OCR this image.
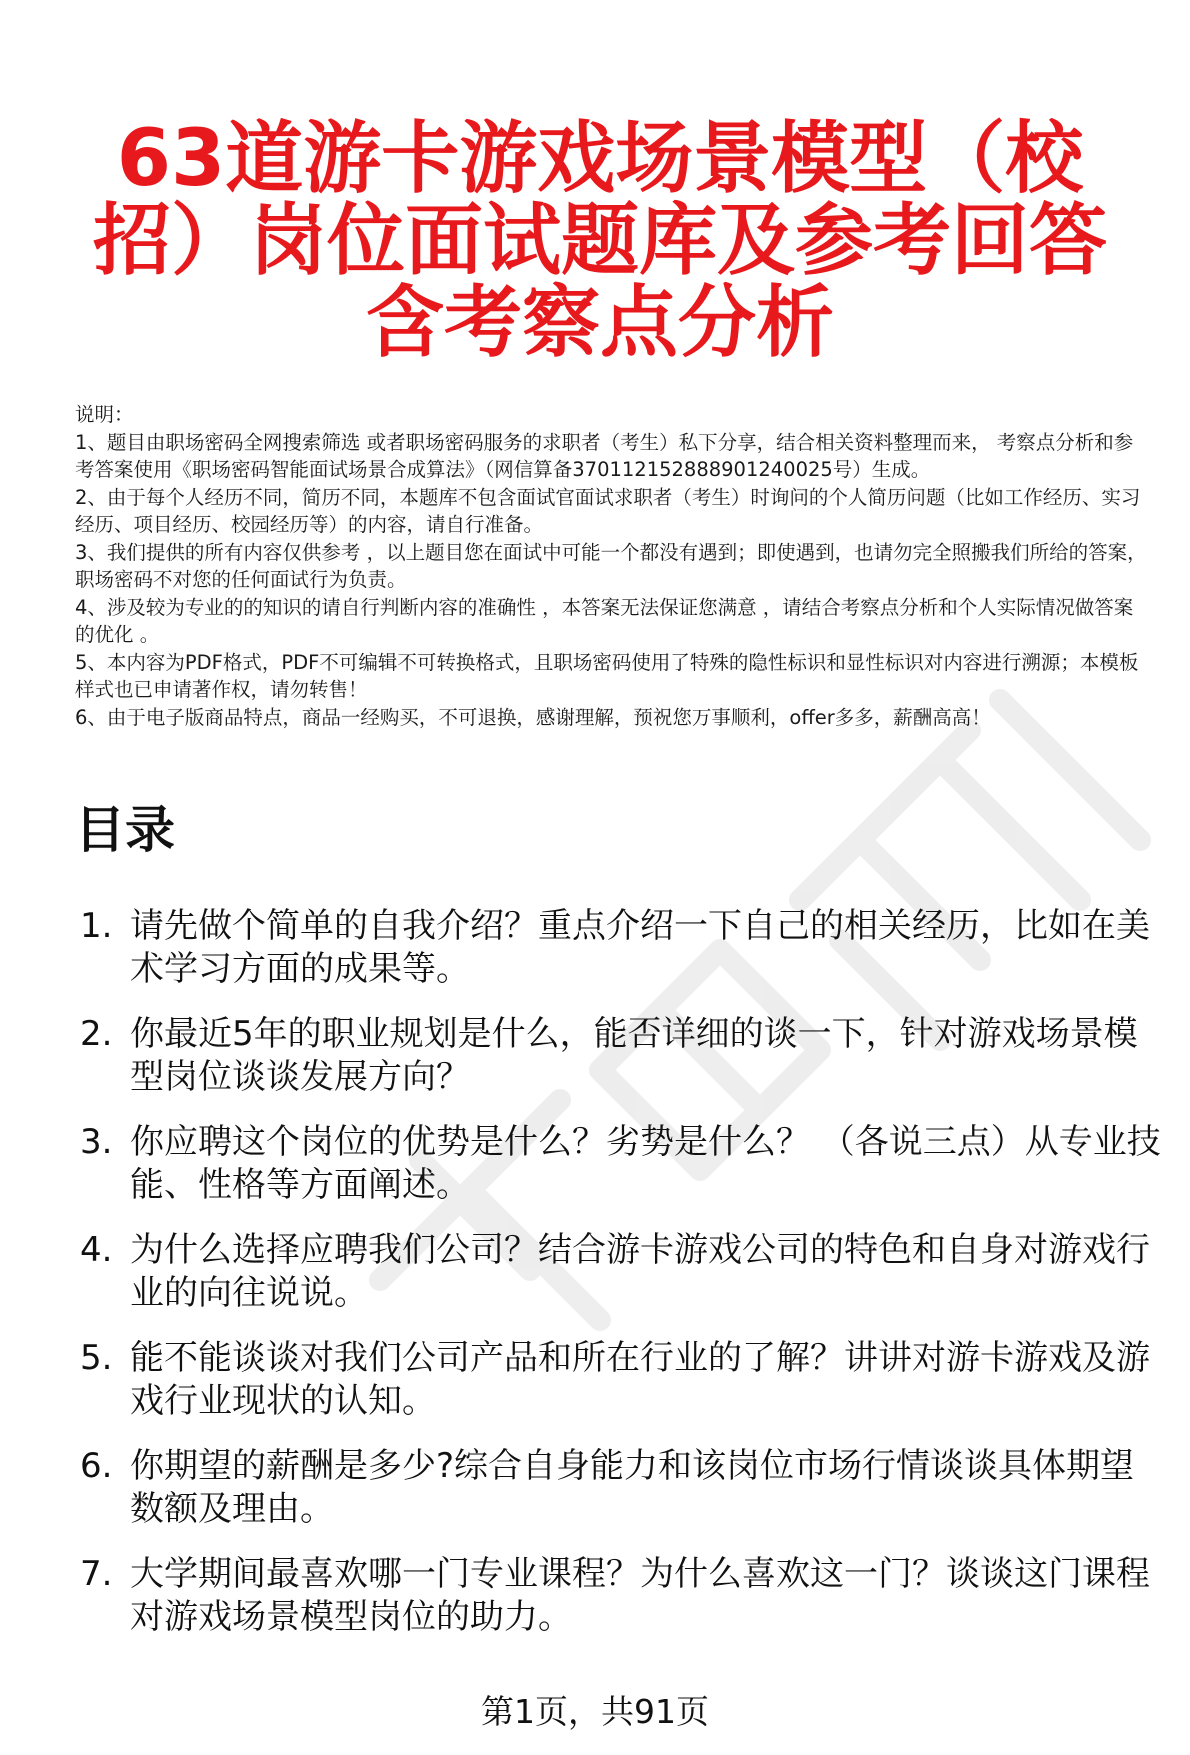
63道游卡游戏场景模型（校招）岗位面试题库及参考回答含考察点分析

说明：

1、题目由职场密码全网搜索筛选 或者职场密码服务的求职者（考生）私下分享，结合相关资料整理而来， 考察点分析和参考答案使用《职场密码智能面试场景合成算法》（网信算备370112152888901240025号）生成。

2、由于每个人经历不同，简历不同，本题库不包含面试官面试求职者（考生）时询问的个人简历问题（比如工作经历、实习经历、项目经历、校园经历等）的内容，请自行准备。

3、我们提供的所有内容仅供参考 ，以上题目您在面试中可能一个都没有遇到；即使遇到，也请勿完全照搬我们所给的答案，职场密码不对您的任何面试行为负责。

4、涉及较为专业的的知识的请自行判断内容的准确性 ，本答案无法保证您满意 ，请结合考察点分析和个人实际情况做答案的优化 。

5、本内容为PDF格式，PDF不可编辑不可转换格式，且职场密码使用了特殊的隐性标识和显性标识对内容进行溯源；本模板样式也已申请著作权，请勿转售！

6、由于电子版商品特点，商品一经购买，不可退换，感谢理解，预祝您万事顺利，offer多多，薪酬高高！

目录
1. 请先做个简单的自我介绍？重点介绍一下自己的相关经历，比如在美术学习方面的成果等。
2. 你最近5年的职业规划是什么，能否详细的谈一下，针对游戏场景模型岗位谈谈发展方向？
3. 你应聘这个岗位的优势是什么？劣势是什么？ （各说三点）从专业技能、性格等方面阐述。
4. 为什么选择应聘我们公司？结合游卡游戏公司的特色和自身对游戏行业的向往说说。
5. 能不能谈谈对我们公司产品和所在行业的了解？讲讲对游卡游戏及游戏行业现状的认知。
6. 你期望的薪酬是多少?综合自身能力和该岗位市场行情谈谈具体期望数额及理由。
7. 大学期间最喜欢哪一门专业课程？为什么喜欢这一门？谈谈这门课程对游戏场景模型岗位的助力。
第1页，共91页
